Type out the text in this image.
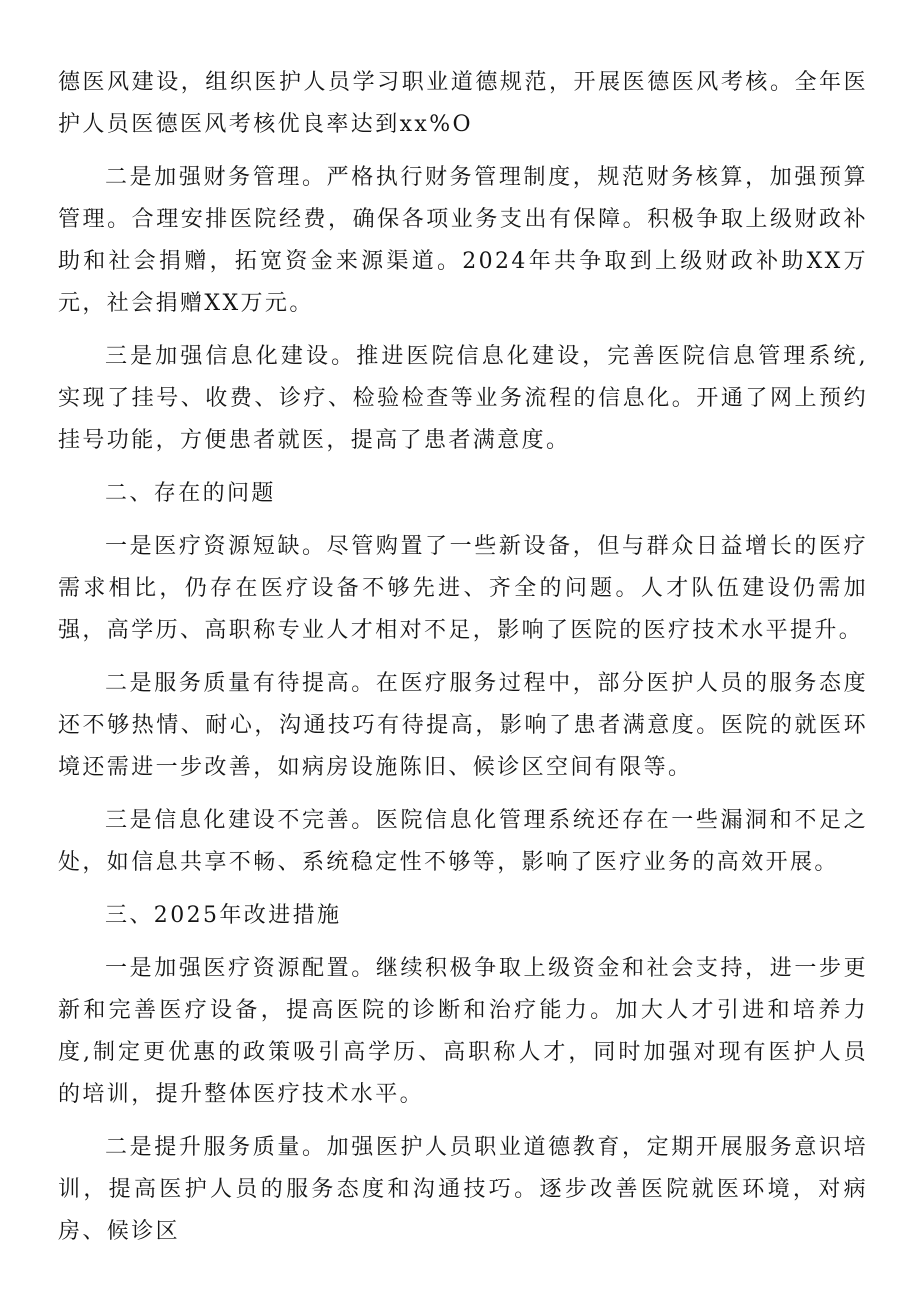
德医风建设，组织医护人员学习职业道德规范，开展医德医风考核。全年医护人员医德医风考核优良率达到xx%O

二是加强财务管理。严格执行财务管理制度，规范财务核算，加强预算管理。合理安排医院经费，确保各项业务支出有保障。积极争取上级财政补助和社会捐赠，拓宽资金来源渠道。2024年共争取到上级财政补助XX万元，社会捐赠XX万元。

三是加强信息化建设。推进医院信息化建设，完善医院信息管理系统,实现了挂号、收费、诊疗、检验检查等业务流程的信息化。开通了网上预约挂号功能，方便患者就医，提高了患者满意度。

二、存在的问题

一是医疗资源短缺。尽管购置了一些新设备，但与群众日益增长的医疗需求相比，仍存在医疗设备不够先进、齐全的问题。人才队伍建设仍需加强，高学历、高职称专业人才相对不足，影响了医院的医疗技术水平提升。

二是服务质量有待提高。在医疗服务过程中，部分医护人员的服务态度还不够热情、耐心，沟通技巧有待提高，影响了患者满意度。医院的就医环境还需进一步改善，如病房设施陈旧、候诊区空间有限等。

三是信息化建设不完善。医院信息化管理系统还存在一些漏洞和不足之处，如信息共享不畅、系统稳定性不够等，影响了医疗业务的高效开展。

三、2025年改进措施

一是加强医疗资源配置。继续积极争取上级资金和社会支持，进一步更新和完善医疗设备，提高医院的诊断和治疗能力。加大人才引进和培养力度,制定更优惠的政策吸引高学历、高职称人才，同时加强对现有医护人员的培训，提升整体医疗技术水平。

二是提升服务质量。加强医护人员职业道德教育，定期开展服务意识培训，提高医护人员的服务态度和沟通技巧。逐步改善医院就医环境，对病房、候诊区
